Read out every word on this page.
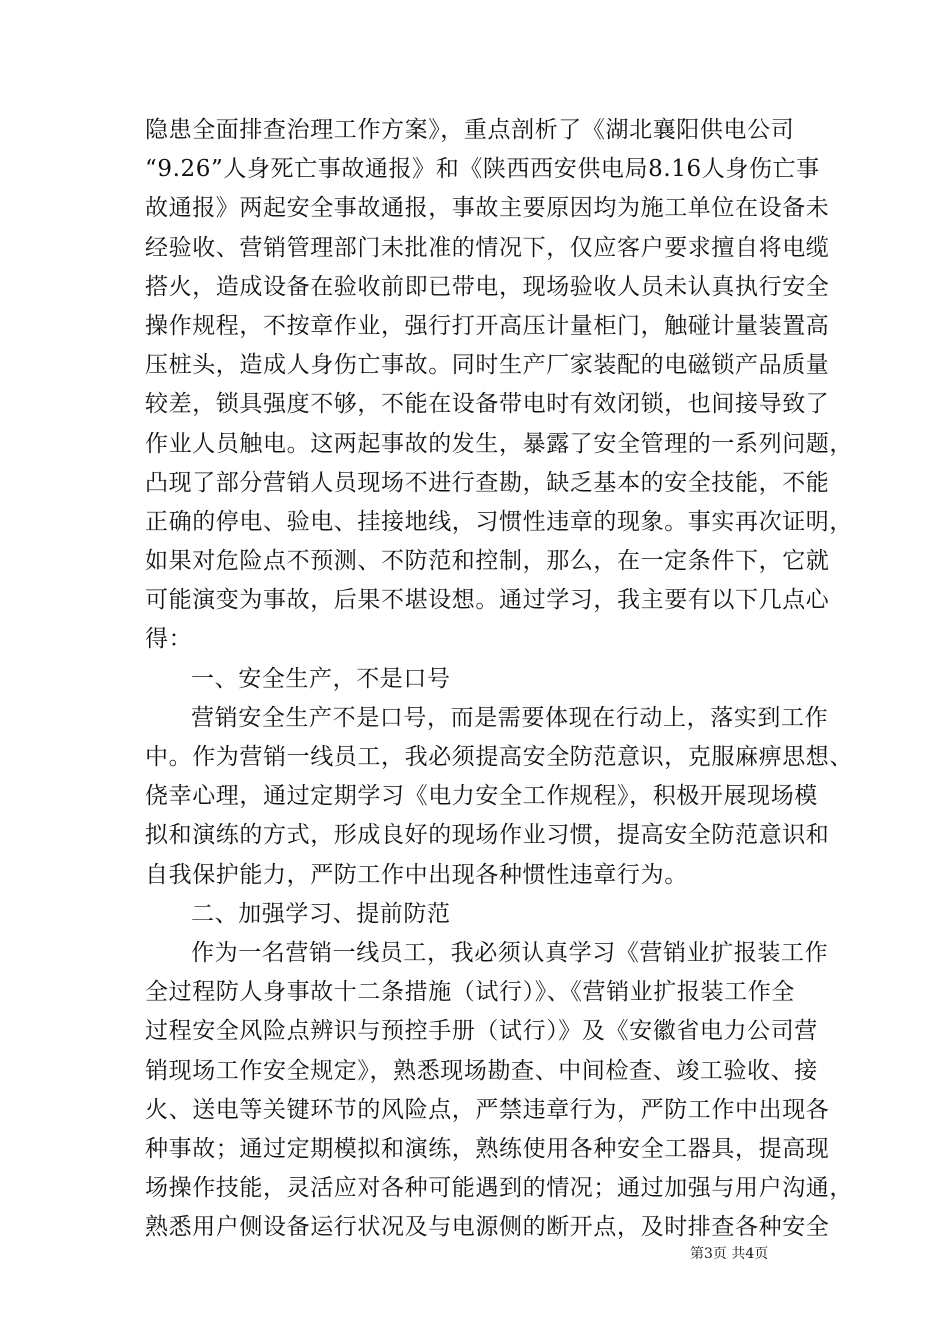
隐患全面排查治理工作方案》，重点剖析了《湖北襄阳供电公司
“9.26”人身死亡事故通报》和《陕西西安供电局8.16人身伤亡事
故通报》两起安全事故通报，事故主要原因均为施工单位在设备未
经验收、营销管理部门未批准的情况下，仅应客户要求擅自将电缆
搭火，造成设备在验收前即已带电，现场验收人员未认真执行安全
操作规程，不按章作业，强行打开高压计量柜门，触碰计量装置高
压桩头，造成人身伤亡事故。同时生产厂家装配的电磁锁产品质量
较差，锁具强度不够，不能在设备带电时有效闭锁，也间接导致了
作业人员触电。这两起事故的发生，暴露了安全管理的一系列问题，
凸现了部分营销人员现场不进行查勘，缺乏基本的安全技能，不能
正确的停电、验电、挂接地线，习惯性违章的现象。事实再次证明，
如果对危险点不预测、不防范和控制，那么，在一定条件下，它就
可能演变为事故，后果不堪设想。通过学习，我主要有以下几点心
得：
一、安全生产，不是口号
营销安全生产不是口号，而是需要体现在行动上，落实到工作
中。作为营销一线员工，我必须提高安全防范意识，克服麻痹思想、
侥幸心理，通过定期学习《电力安全工作规程》，积极开展现场模
拟和演练的方式，形成良好的现场作业习惯，提高安全防范意识和
自我保护能力，严防工作中出现各种惯性违章行为。
二、加强学习、提前防范
作为一名营销一线员工，我必须认真学习《营销业扩报装工作
全过程防人身事故十二条措施（试行）》、《营销业扩报装工作全
过程安全风险点辨识与预控手册（试行）》及《安徽省电力公司营
销现场工作安全规定》，熟悉现场勘查、中间检查、竣工验收、接
火、送电等关键环节的风险点，严禁违章行为，严防工作中出现各
种事故；通过定期模拟和演练，熟练使用各种安全工器具，提高现
场操作技能，灵活应对各种可能遇到的情况；通过加强与用户沟通，
熟悉用户侧设备运行状况及与电源侧的断开点，及时排查各种安全
第3页 共4页
